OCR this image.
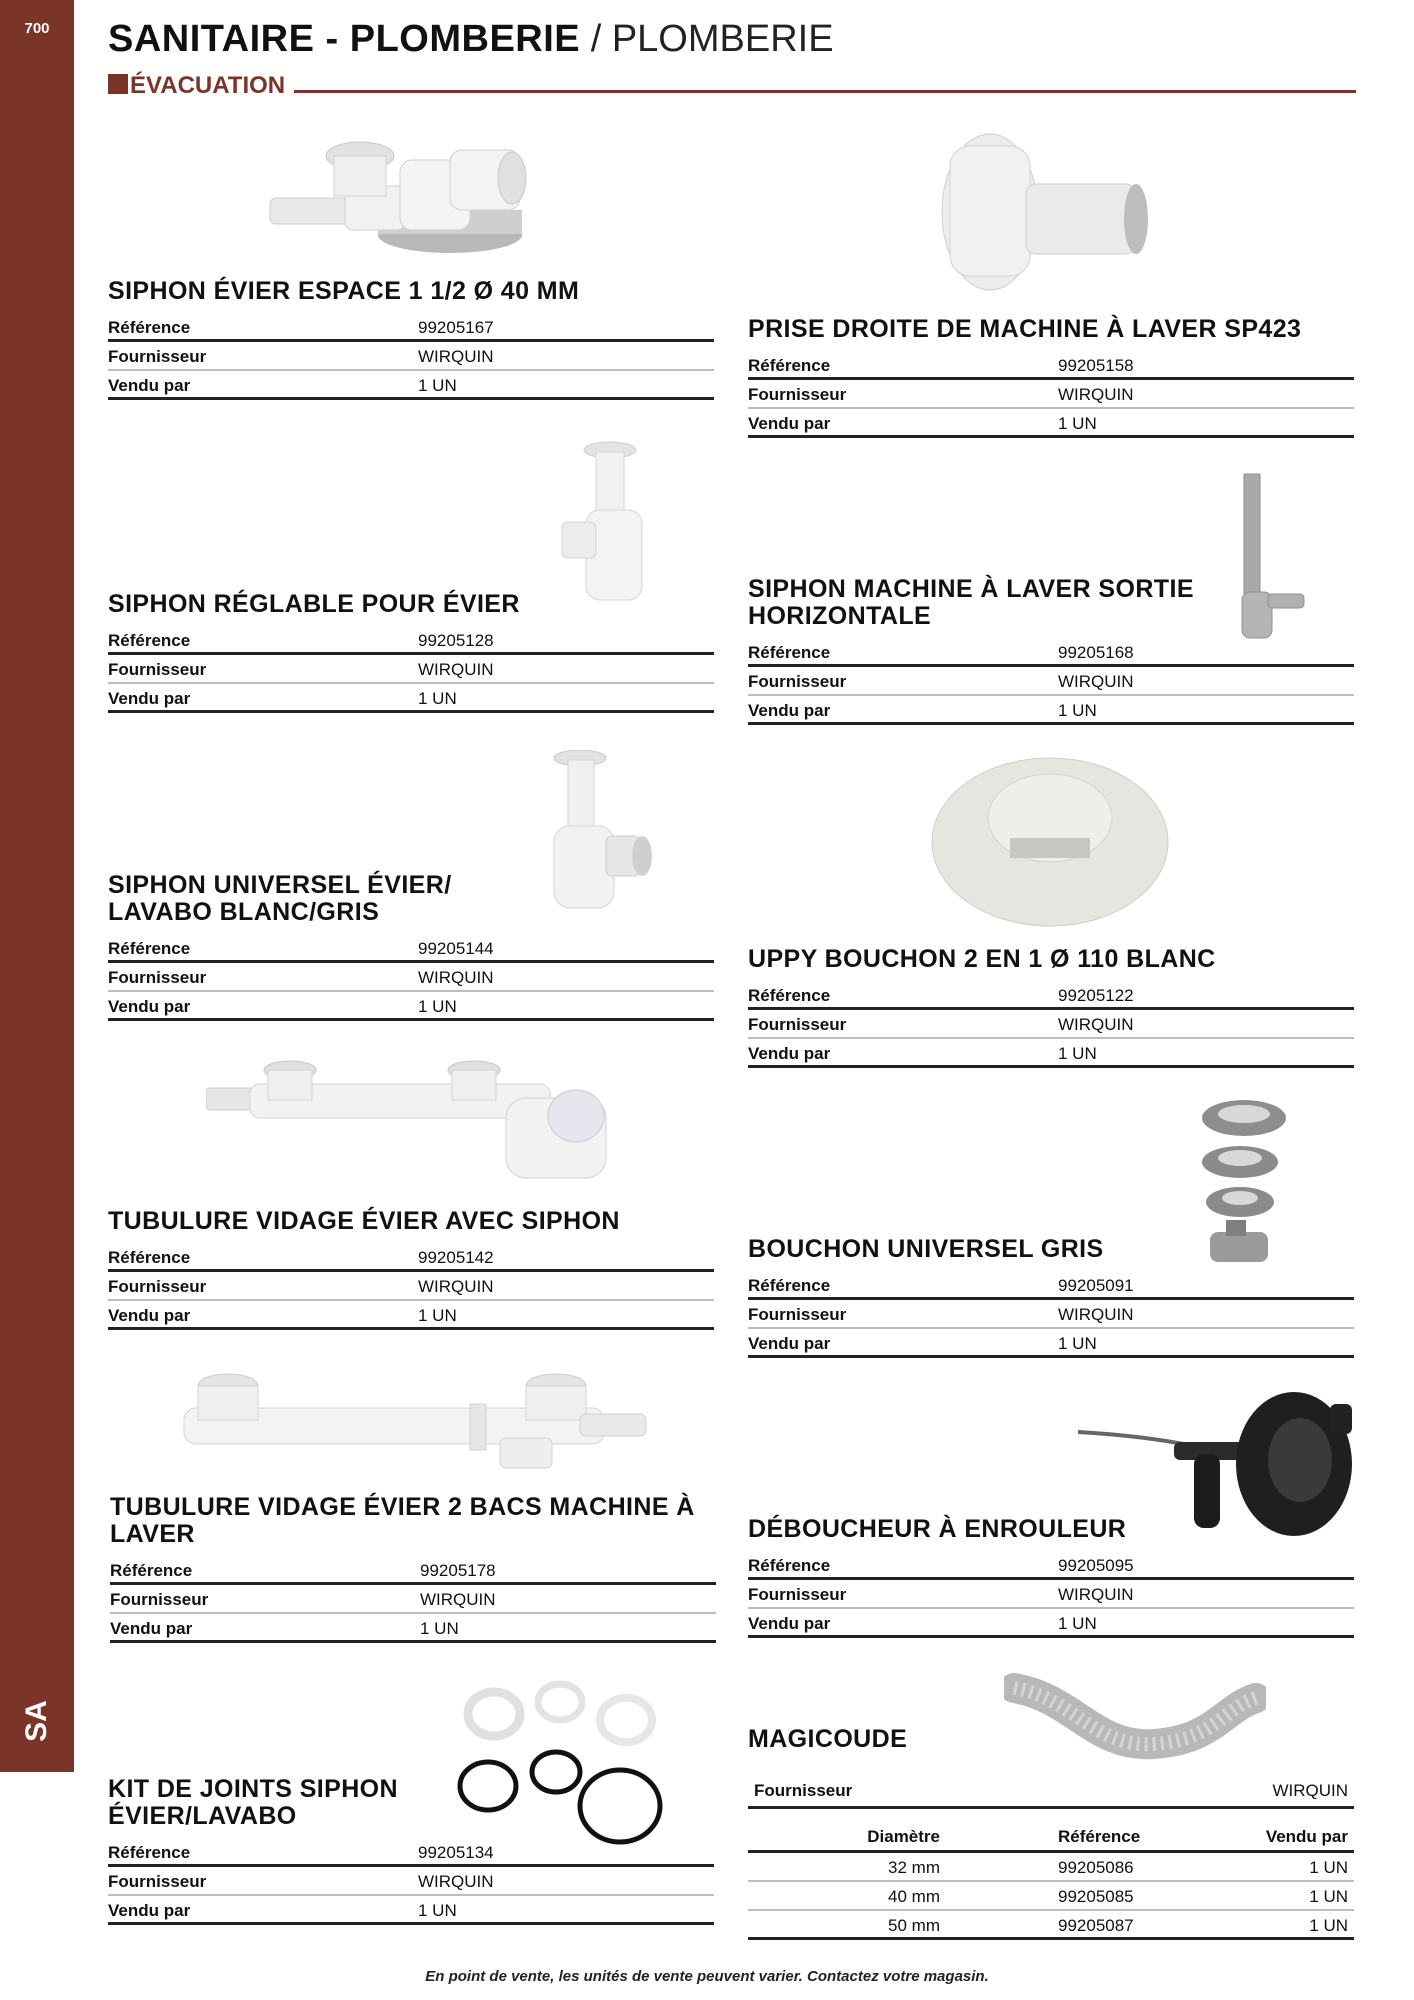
700
SA
SANITAIRE - PLOMBERIE / PLOMBERIE
ÉVACUATION
SIPHON ÉVIER ESPACE 1 1/2 Ø 40 MM
Référence	99205167
Fournisseur	WIRQUIN
Vendu par	1 UN
SIPHON RÉGLABLE POUR ÉVIER
Référence	99205128
Fournisseur	WIRQUIN
Vendu par	1 UN
SIPHON UNIVERSEL ÉVIER/
LAVABO BLANC/GRIS
Référence	99205144
Fournisseur	WIRQUIN
Vendu par	1 UN
TUBULURE VIDAGE ÉVIER AVEC SIPHON
Référence	99205142
Fournisseur	WIRQUIN
Vendu par	1 UN
TUBULURE VIDAGE ÉVIER 2 BACS MACHINE À
LAVER
Référence	99205178
Fournisseur	WIRQUIN
Vendu par	1 UN
KIT DE JOINTS SIPHON
ÉVIER/LAVABO
Référence	99205134
Fournisseur	WIRQUIN
Vendu par	1 UN
PRISE DROITE DE MACHINE À LAVER SP423
Référence	99205158
Fournisseur	WIRQUIN
Vendu par	1 UN
SIPHON MACHINE À LAVER SORTIE
HORIZONTALE
Référence	99205168
Fournisseur	WIRQUIN
Vendu par	1 UN
UPPY BOUCHON 2 EN 1 Ø 110 BLANC
Référence	99205122
Fournisseur	WIRQUIN
Vendu par	1 UN
BOUCHON UNIVERSEL GRIS
Référence	99205091
Fournisseur	WIRQUIN
Vendu par	1 UN
DÉBOUCHEUR À ENROULEUR
Référence	99205095
Fournisseur	WIRQUIN
Vendu par	1 UN
MAGICOUDE
Fournisseur	WIRQUIN
Diamètre	Référence	Vendu par
32 mm	99205086	1 UN
40 mm	99205085	1 UN
50 mm	99205087	1 UN
En point de vente, les unités de vente peuvent varier. Contactez votre magasin.
